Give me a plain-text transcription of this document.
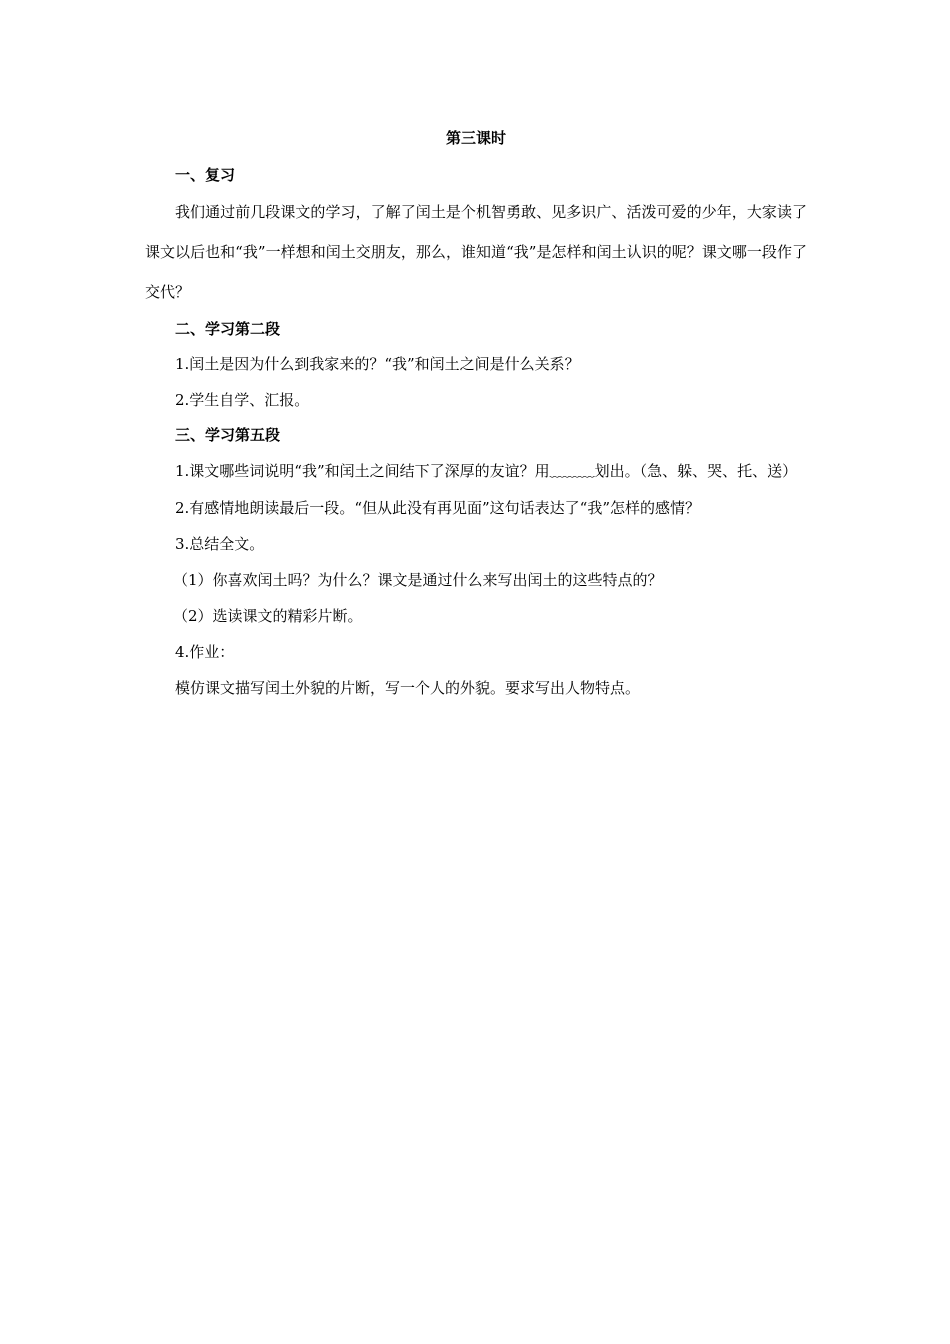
第三课时
一、复习

我们通过前几段课文的学习，了解了闰土是个机智勇敢、见多识广、活泼可爱的少年，大家读了课文以后也和“我”一样想和闰土交朋友，那么，谁知道“我”是怎样和闰土认识的呢？课文哪一段作了交代？

二、学习第二段
1.闰土是因为什么到我家来的？“我”和闰土之间是什么关系？
2.学生自学、汇报。
三、学习第五段
1.课文哪些词说明“我”和闰土之间结下了深厚的友谊？用﹏﹏﹏划出。（急、躲、哭、托、送）
2.有感情地朗读最后一段。“但从此没有再见面”这句话表达了“我”怎样的感情？
3.总结全文。
（1）你喜欢闰土吗？为什么？课文是通过什么来写出闰土的这些特点的？
（2）选读课文的精彩片断。
4.作业：
模仿课文描写闰土外貌的片断，写一个人的外貌。要求写出人物特点。
